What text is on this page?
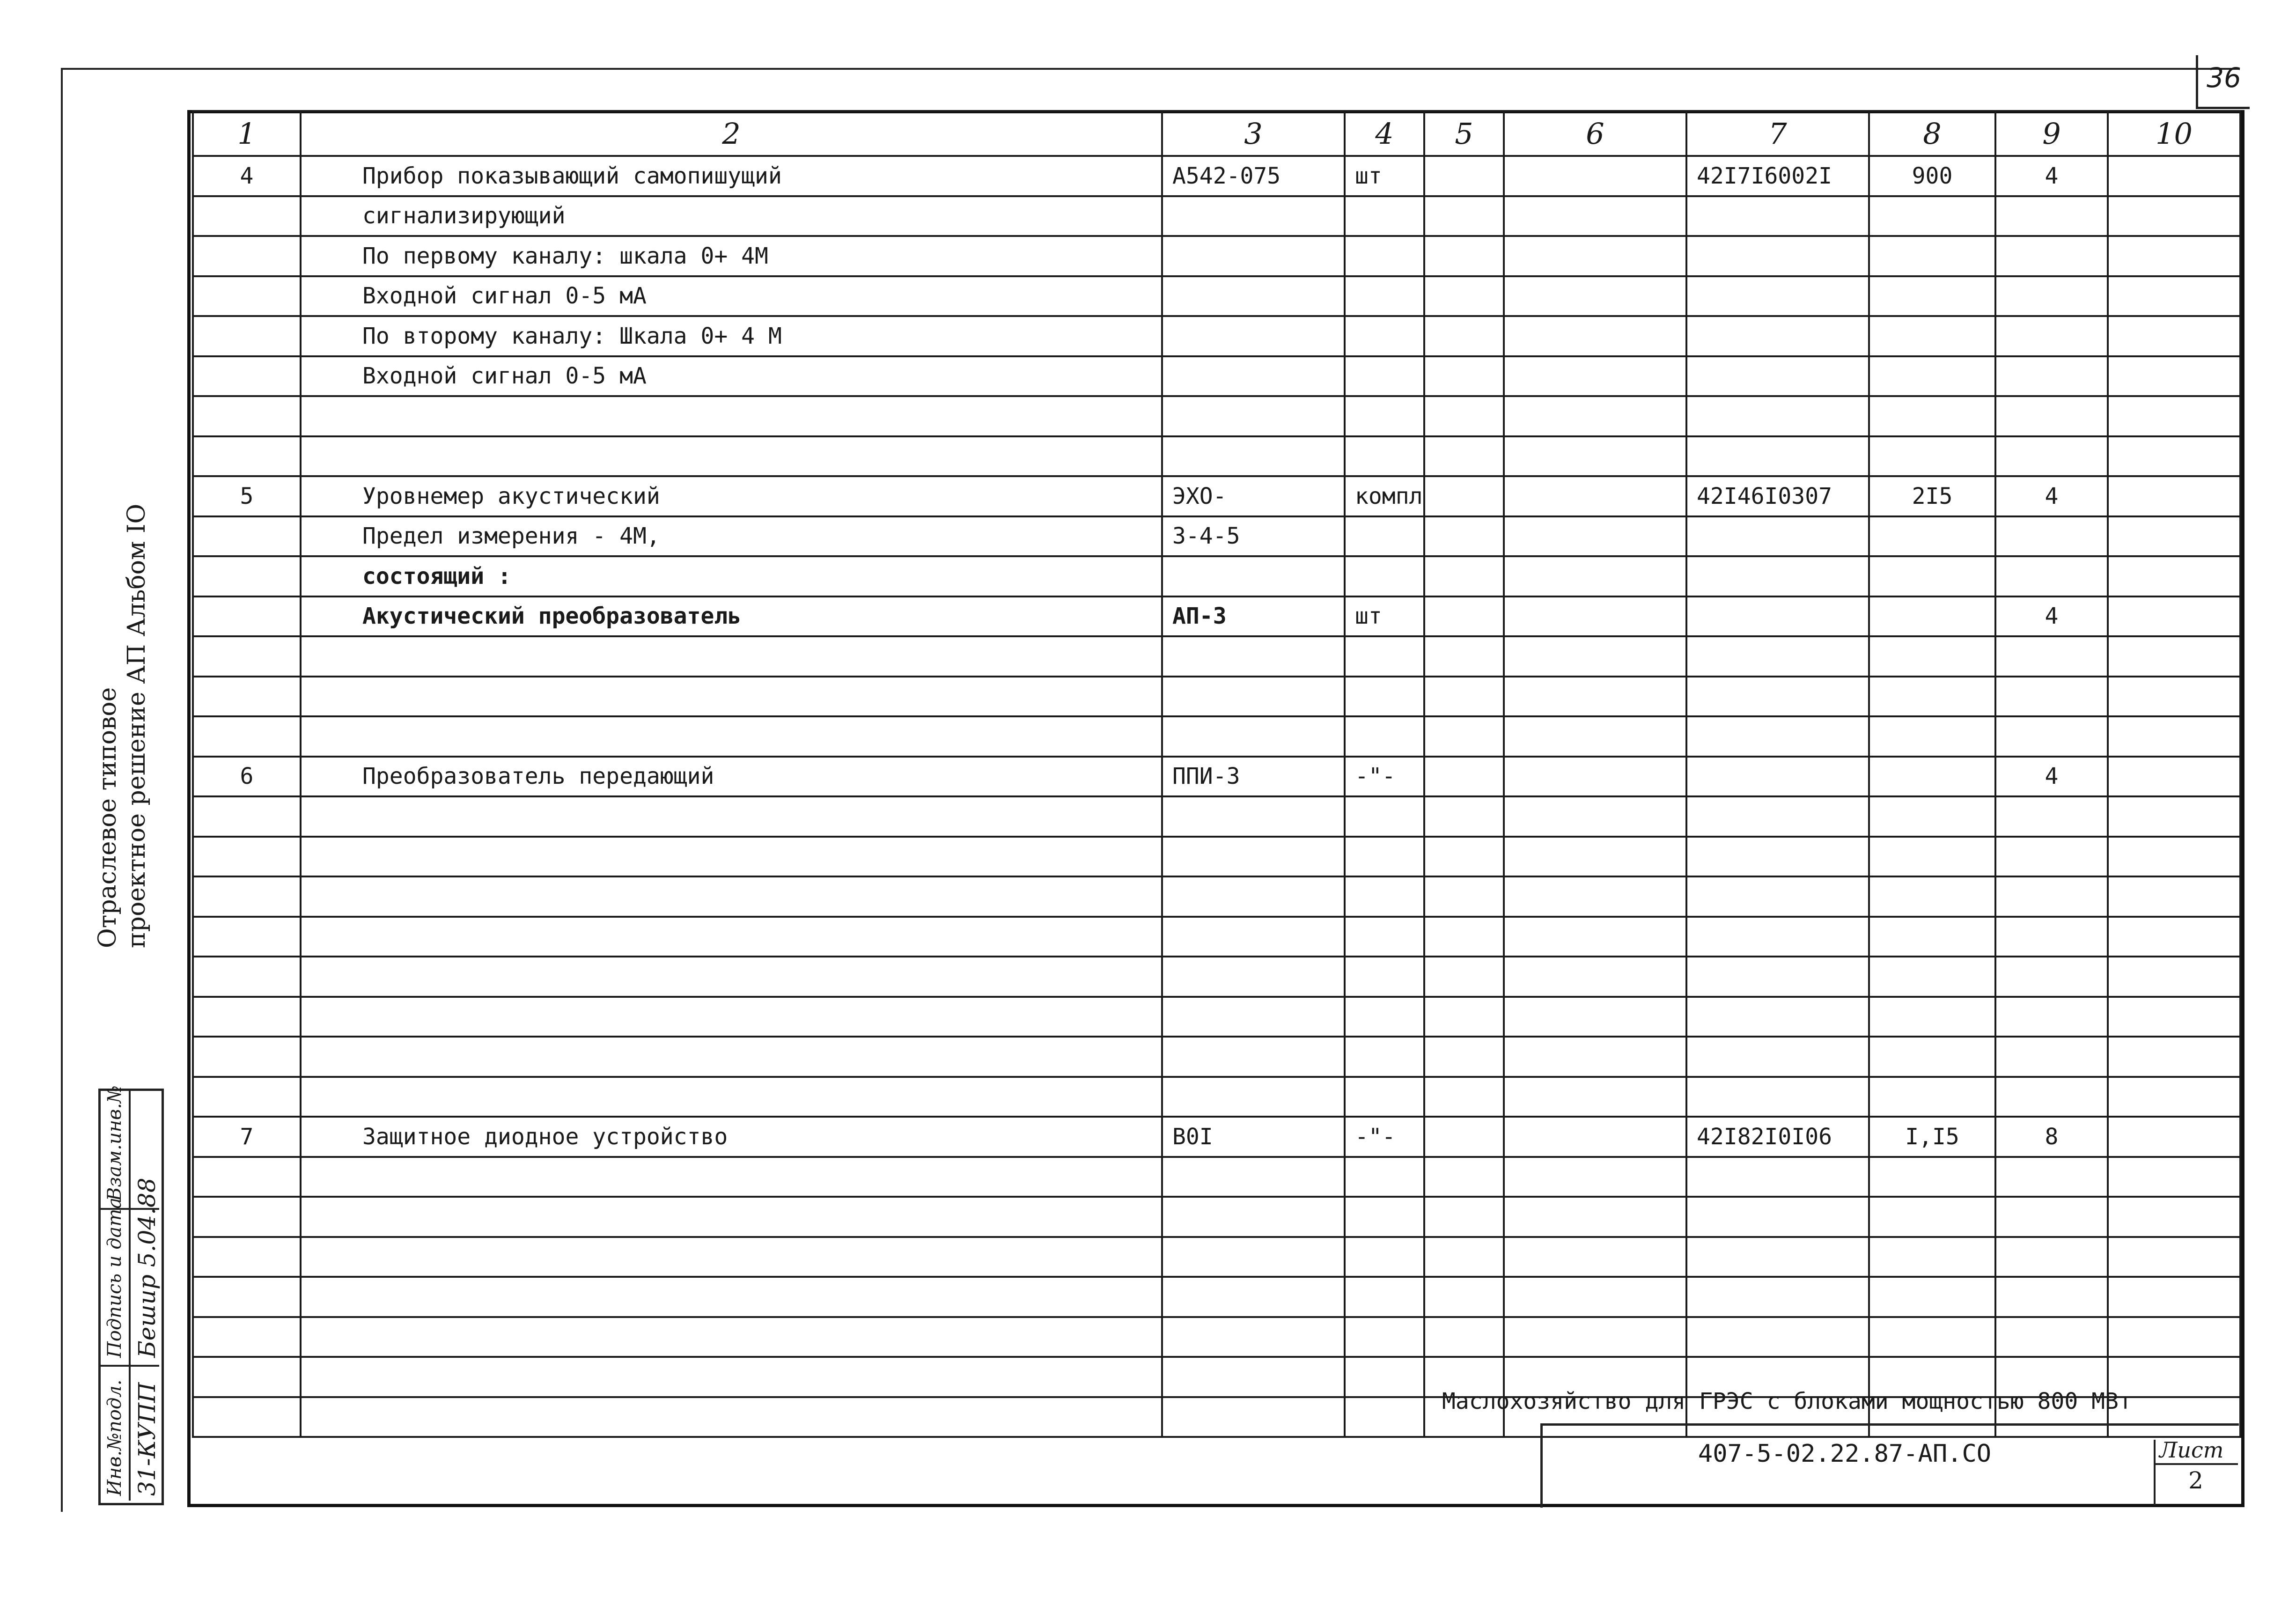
36
1	2	3	4	5	6	7	8	9	10
4	Прибор показывающий самопишущий	А542-075	шт			42I7I6002I	900	4	
	сигнализирующий								
	По первому каналу: шкала 0+ 4М								
	Входной сигнал 0-5 мА								
	По второму каналу: Шкала 0+ 4 М								
	Входной сигнал 0-5 мА								

5	Уровнемер акустический	ЭХО-	компл			42I46I0307	2I5	4	
	Предел измерения - 4М,	3-4-5							
	состоящий :								
	Акустический преобразователь	АП-3	шт					4	

6	Преобразователь передающий	ППИ-3	-"-					4	

7	Защитное диодное устройство	В0I	-"-			42I82I0I06	I,I5	8	

Отраслевое типовое проектное решение АП Альбом IO
Взам.инв.№
Подпись и дата
Инв.№подл.
Бешир 5.04.88
31-КУПП	Маслохозяйство для ГРЭС с блоками мощностью 800 МВт
407-5-02.22.87-АП.СО	Лист
2
